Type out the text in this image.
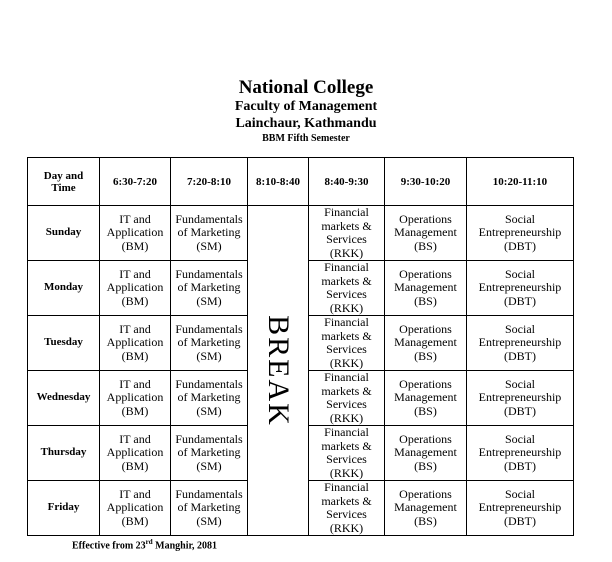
National College
Faculty of Management
Lainchaur, Kathmandu
BBM Fifth Semester
Day and
Time	6:30-7:20	7:20-8:10	8:10-8:40	8:40-9:30	9:30-10:20	10:20-11:10
Sunday	IT and
Application
(BM)	Fundamentals
of Marketing
(SM)	BREAK	Financial
markets &
Services
(RKK)	Operations
Management
(BS)	Social
Entrepreneurship
(DBT)
Monday	IT and
Application
(BM)	Fundamentals
of Marketing
(SM)		Financial
markets &
Services
(RKK)	Operations
Management
(BS)	Social
Entrepreneurship
(DBT)
Tuesday	IT and
Application
(BM)	Fundamentals
of Marketing
(SM)		Financial
markets &
Services
(RKK)	Operations
Management
(BS)	Social
Entrepreneurship
(DBT)
Wednesday	IT and
Application
(BM)	Fundamentals
of Marketing
(SM)		Financial
markets &
Services
(RKK)	Operations
Management
(BS)	Social
Entrepreneurship
(DBT)
Thursday	IT and
Application
(BM)	Fundamentals
of Marketing
(SM)		Financial
markets &
Services
(RKK)	Operations
Management
(BS)	Social
Entrepreneurship
(DBT)
Friday	IT and
Application
(BM)	Fundamentals
of Marketing
(SM)		Financial
markets &
Services
(RKK)	Operations
Management
(BS)	Social
Entrepreneurship
(DBT)
Effective from 23rd Manghir, 2081
